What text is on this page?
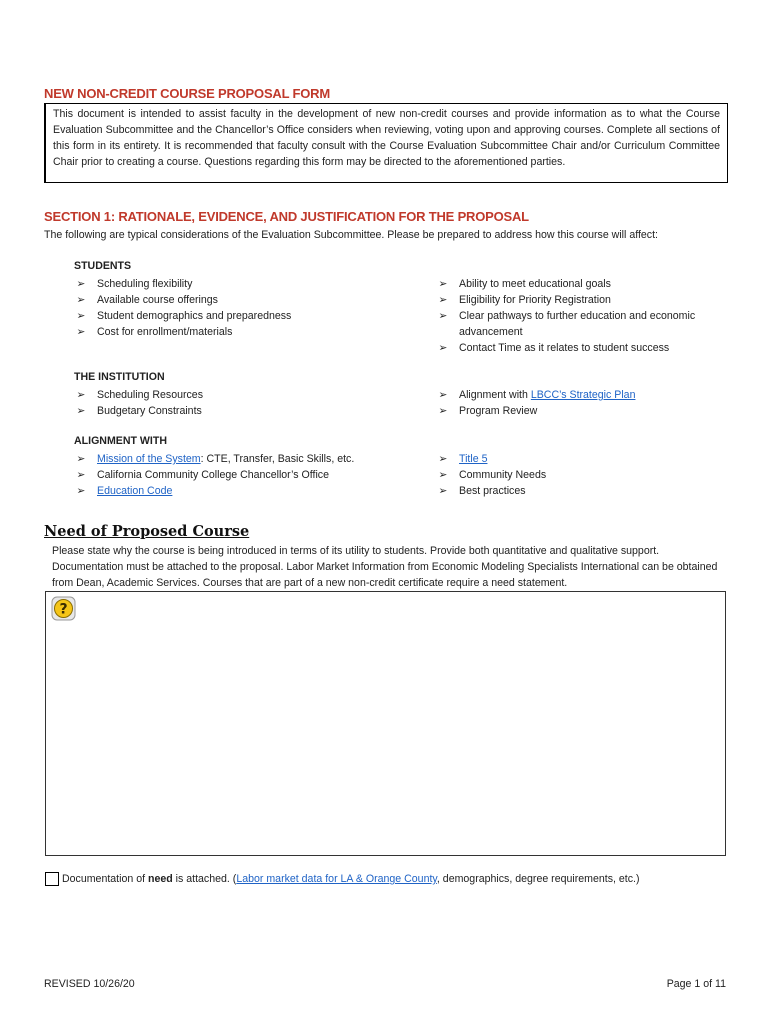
NEW NON-CREDIT COURSE PROPOSAL FORM
This document is intended to assist faculty in the development of new non-credit courses and provide information as to what the Course Evaluation Subcommittee and the Chancellor’s Office considers when reviewing, voting upon and approving courses. Complete all sections of this form in its entirety. It is recommended that faculty consult with the Course Evaluation Subcommittee Chair and/or Curriculum Committee Chair prior to creating a course. Questions regarding this form may be directed to the aforementioned parties.
SECTION 1: RATIONALE, EVIDENCE, AND JUSTIFICATION FOR THE PROPOSAL
The following are typical considerations of the Evaluation Subcommittee. Please be prepared to address how this course will affect:
STUDENTS
➢ Scheduling flexibility
➢ Available course offerings
➢ Student demographics and preparedness
➢ Cost for enrollment/materials
➢ Ability to meet educational goals
➢ Eligibility for Priority Registration
➢ Clear pathways to further education and economic advancement
➢ Contact Time as it relates to student success
THE INSTITUTION
➢ Scheduling Resources
➢ Budgetary Constraints
➢ Alignment with LBCC’s Strategic Plan
➢ Program Review
ALIGNMENT WITH
➢ Mission of the System: CTE, Transfer, Basic Skills, etc.
➢ California Community College Chancellor’s Office
➢ Education Code
➢ Title 5
➢ Community Needs
➢ Best practices
Need of Proposed Course
Please state why the course is being introduced in terms of its utility to students. Provide both quantitative and qualitative support. Documentation must be attached to the proposal. Labor Market Information from Economic Modeling Specialists International can be obtained from Dean, Academic Services. Courses that are part of a new non-credit certificate require a need statement.
?
Documentation of need is attached. (Labor market data for LA & Orange County, demographics, degree requirements, etc.)
REVISED 10/26/20	Page 1 of 11
